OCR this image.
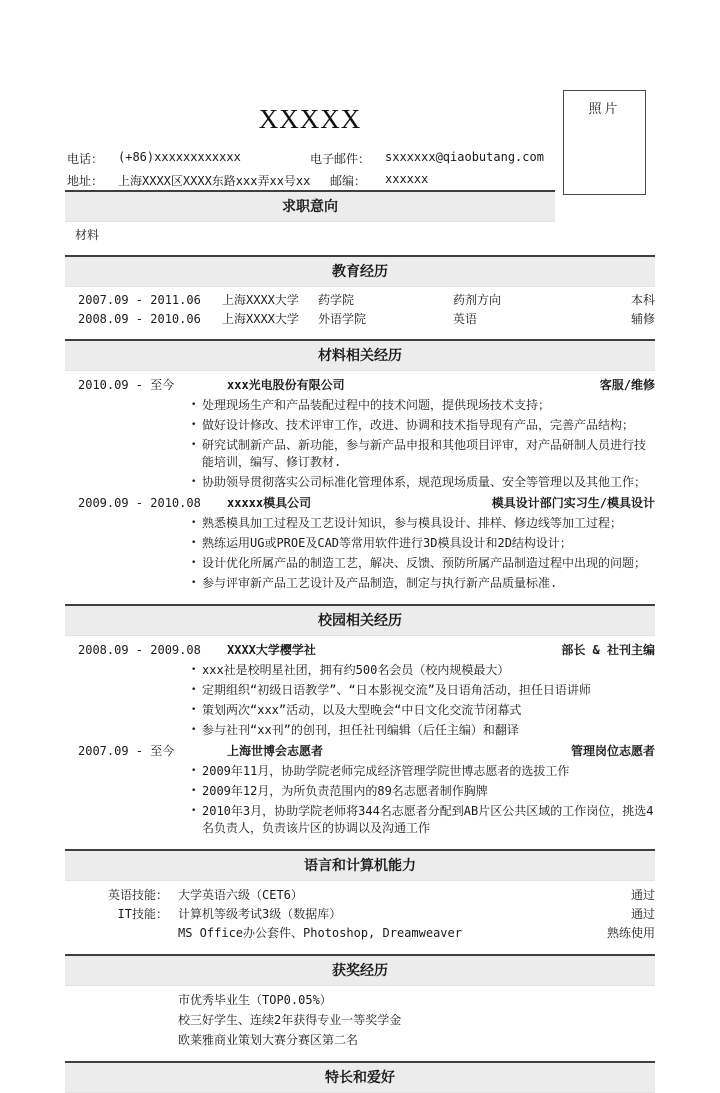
XXXXX	照片
电话： (+86)xxxxxxxxxxxx	电子邮件： sxxxxxx@qiaobutang.com
地址： 上海XXXX区XXXX东路xxx弄xx号xx 邮编： xxxxxx
求职意向
材料
教育经历
2007.09 - 2011.06	上海XXXX大学	药学院	药剂方向	本科
2008.09 - 2010.06	上海XXXX大学	外语学院	英语	辅修
材料相关经历
2010.09 - 至今	xxx光电股份有限公司	客服/维修
• 处理现场生产和产品装配过程中的技术问题，提供现场技术支持；
• 做好设计修改、技术评审工作，改进、协调和技术指导现有产品，完善产品结构；
• 研究试制新产品、新功能，参与新产品申报和其他项目评审，对产品研制人员进行技能培训，编写、修订教材.
• 协助领导贯彻落实公司标准化管理体系，规范现场质量、安全等管理以及其他工作；
2009.09 - 2010.08	xxxxx模具公司	模具设计部门实习生/模具设计
• 熟悉模具加工过程及工艺设计知识，参与模具设计、排样、修边线等加工过程；
• 熟练运用UG或PROE及CAD等常用软件进行3D模具设计和2D结构设计；
• 设计优化所属产品的制造工艺，解决、反馈、预防所属产品制造过程中出现的问题；
• 参与评审新产品工艺设计及产品制造，制定与执行新产品质量标准.
校园相关经历
2008.09 - 2009.08	XXXX大学樱学社	部长 & 社刊主编
• xxx社是校明星社团，拥有约500名会员（校内规模最大）
• 定期组织“初级日语教学”、“日本影视交流”及日语角活动，担任日语讲师
• 策划两次“xxx”活动，以及大型晚会“中日文化交流节闭幕式
• 参与社刊“xx刊”的创刊，担任社刊编辑（后任主编）和翻译
2007.09 - 至今	上海世博会志愿者	管理岗位志愿者
• 2009年11月，协助学院老师完成经济管理学院世博志愿者的选拔工作
• 2009年12月，为所负责范围内的89名志愿者制作胸牌
• 2010年3月，协助学院老师将344名志愿者分配到AB片区公共区域的工作岗位，挑选4名负责人，负责该片区的协调以及沟通工作
语言和计算机能力
英语技能： 大学英语六级（CET6）	通过
IT技能： 计算机等级考试3级（数据库）	通过
MS Office办公套件、Photoshop, Dreamweaver	熟练使用
获奖经历
市优秀毕业生（TOP0.05%）
校三好学生、连续2年获得专业一等奖学金
欧莱雅商业策划大赛分赛区第二名
特长和爱好
